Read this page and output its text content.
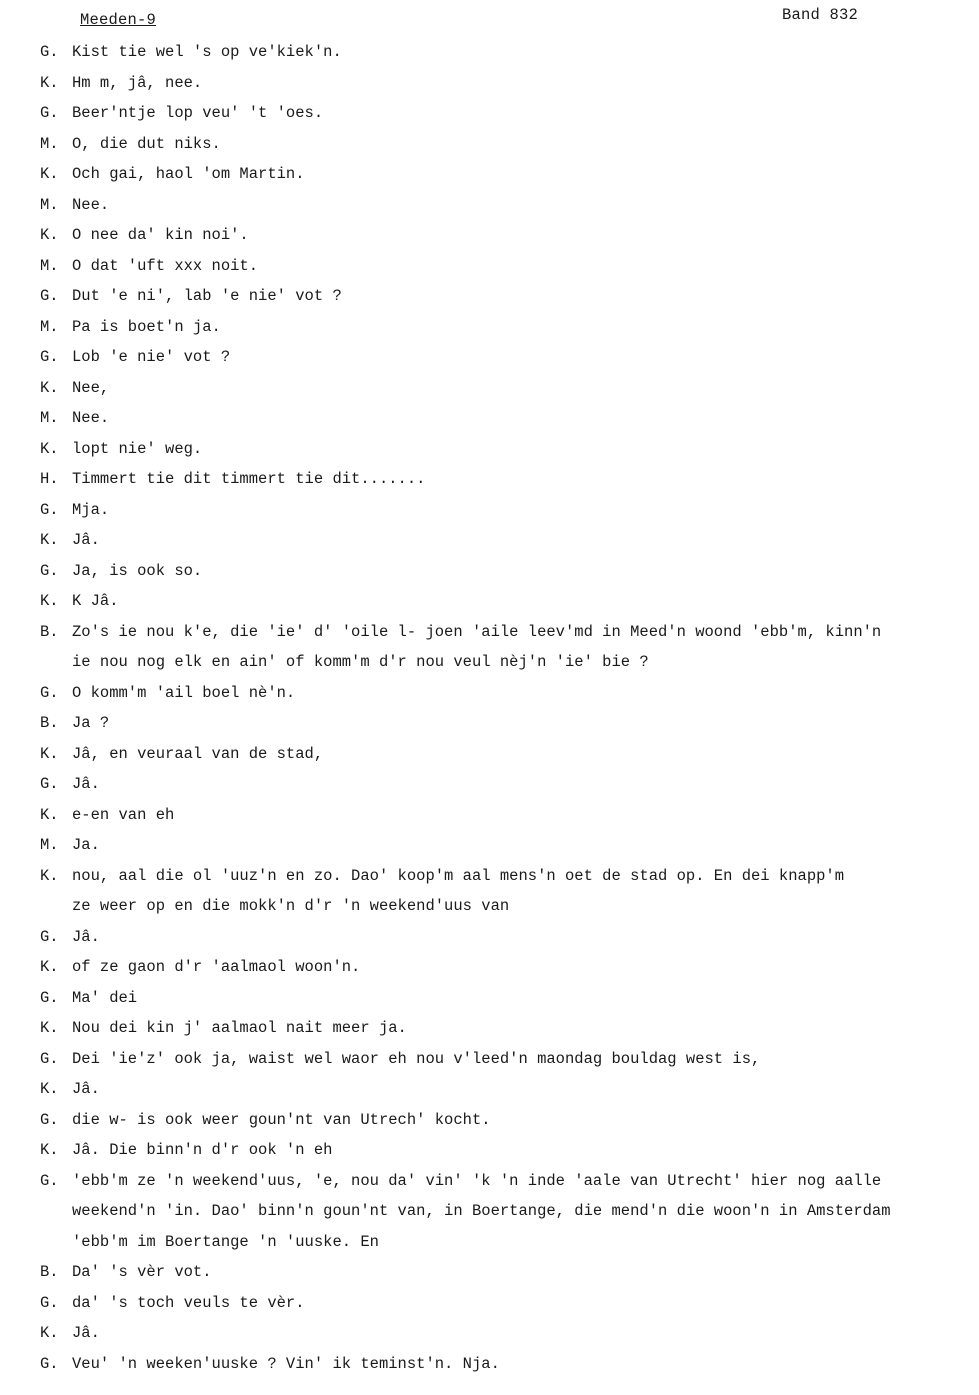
Meeden-9	Band 832
G. Kist tie wel 's op ve'kiek'n.
K. Hm m, jâ, nee.
G. Beer'ntje lop veu' 't 'oes.
M. O, die dut niks.
K. Och gai, haol 'om Martin.
M. Nee.
K. O nee da' kin noi'.
M. O dat 'uft xxx noit.
G. Dut 'e ni', lab 'e nie' vot ?
M. Pa is boet'n ja.
G. Lob 'e nie' vot ?
K. Nee,
M. Nee.
K. lopt nie' weg.
H. Timmert tie dit timmert tie dit.......
G. Mja.
K. Jâ.
G. Ja, is ook so.
K. K Jâ.
B. Zo's ie nou k'e, die 'ie' d' 'oile l- joen 'aile leev'md in Meed'n woond 'ebb'm, kinn'n
ie nou nog elk en ain' of komm'm d'r nou veul nèj'n 'ie' bie ?
G. O komm'm 'ail boel nè'n.
B. Ja ?
K. Jâ, en veuraal van de stad,
G. Jâ.
K. e-en van eh
M. Ja.
K. nou, aal die ol 'uuz'n en zo. Dao' koop'm aal mens'n oet de stad op. En dei knapp'm
ze weer op en die mokk'n d'r 'n weekend'uus van
G. Jâ.
K. of ze gaon d'r 'aalmaol woon'n.
G. Ma' dei
K. Nou dei kin j' aalmaol nait meer ja.
G. Dei 'ie'z' ook ja, waist wel waor eh nou v'leed'n maondag bouldag west is,
K. Jâ.
G. die w- is ook weer goun'nt van Utrech' kocht.
K. Jâ. Die binn'n d'r ook 'n eh
G. 'ebb'm ze 'n weekend'uus, 'e, nou da' vin' 'k 'n inde 'aale van Utrecht' hier nog aalle
weekend'n 'in. Dao' binn'n goun'nt van, in Boertange, die mend'n die woon'n in Amsterdam
'ebb'm im Boertange 'n 'uuske. En
B. Da' 's vèr vot.
G. da' 's toch veuls te vèr.
K. Jâ.
G. Veu' 'n weeken'uuske ? Vin' ik teminst'n. Nja.
